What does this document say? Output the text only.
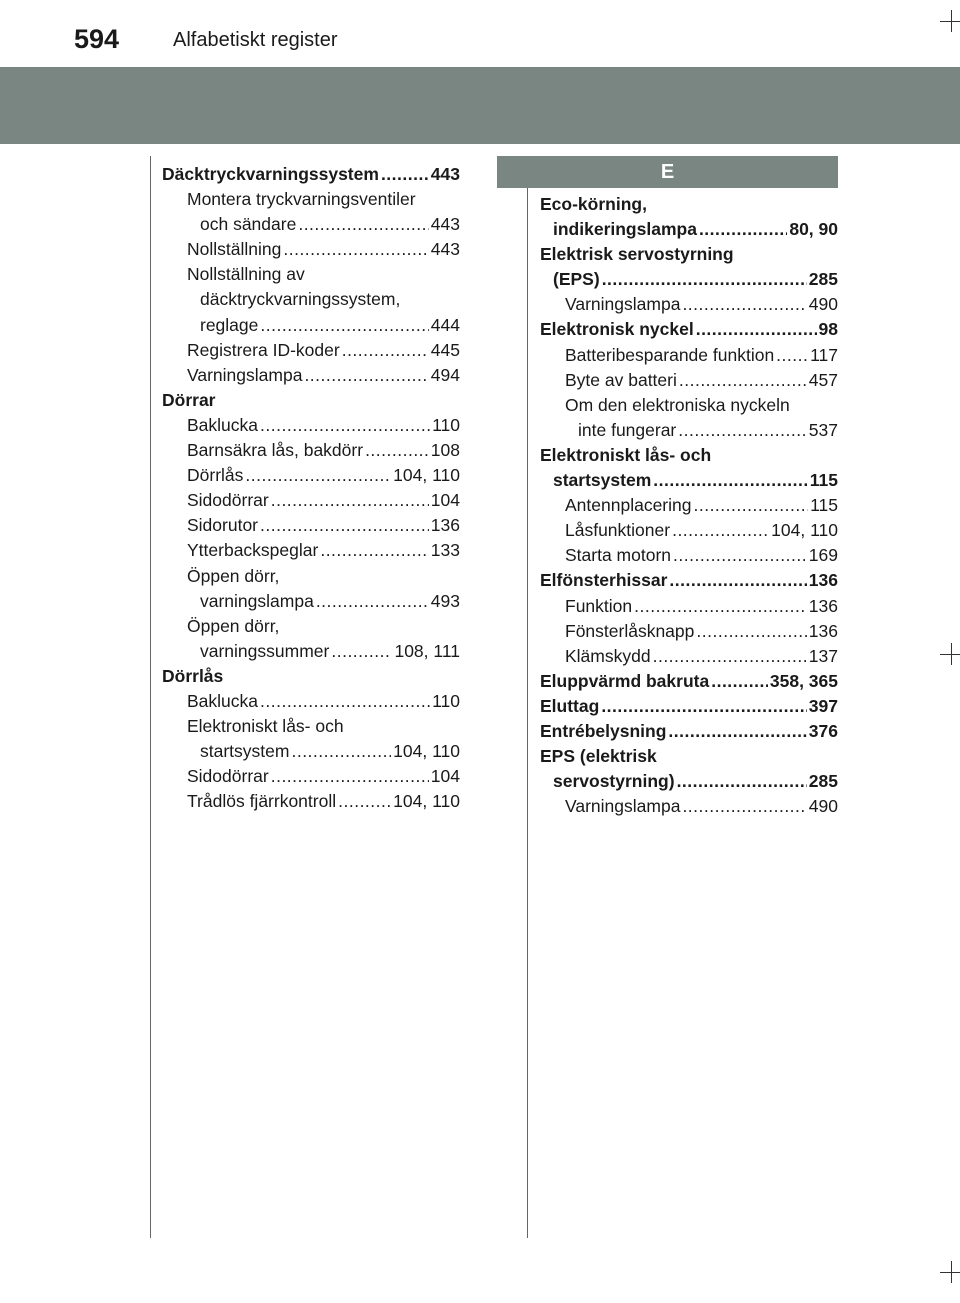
594	Alfabetiskt register
E
Däcktryckvarningssystem .....	443
Montera tryckvarningsventiler
och sändare .....	443
Nollställning .....	443
Nollställning av
däcktryckvarningssystem,
reglage .....	444
Registrera ID-koder .....	445
Varningslampa .....	494
Dörrar
Baklucka .....	110
Barnsäkra lås, bakdörr .....	108
Dörrlås .....	104, 110
Sidodörrar .....	104
Sidorutor .....	136
Ytterbackspeglar .....	133
Öppen dörr,
varningslampa .....	493
Öppen dörr,
varningssummer .....	108, 111
Dörrlås
Baklucka .....	110
Elektroniskt lås- och
startsystem .....	104, 110
Sidodörrar .....	104
Trådlös fjärrkontroll .....	104, 110
Eco-körning,
indikeringslampa .....	80, 90
Elektrisk servostyrning
(EPS) .....	285
Varningslampa .....	490
Elektronisk nyckel .....	98
Batteribesparande funktion ..... 117
Byte av batteri .....	457
Om den elektroniska nyckeln
inte fungerar .....	537
Elektroniskt lås- och
startsystem .....	115
Antennplacering .....	115
Låsfunktioner .....	104, 110
Starta motorn .....	169
Elfönsterhissar .....	136
Funktion .....	136
Fönsterlåsknapp .....	136
Klämskydd .....	137
Eluppvärmd bakruta .....	358, 365
Eluttag .....	397
Entrébelysning .....	376
EPS (elektrisk
servostyrning) .....	285
Varningslampa .....	490
